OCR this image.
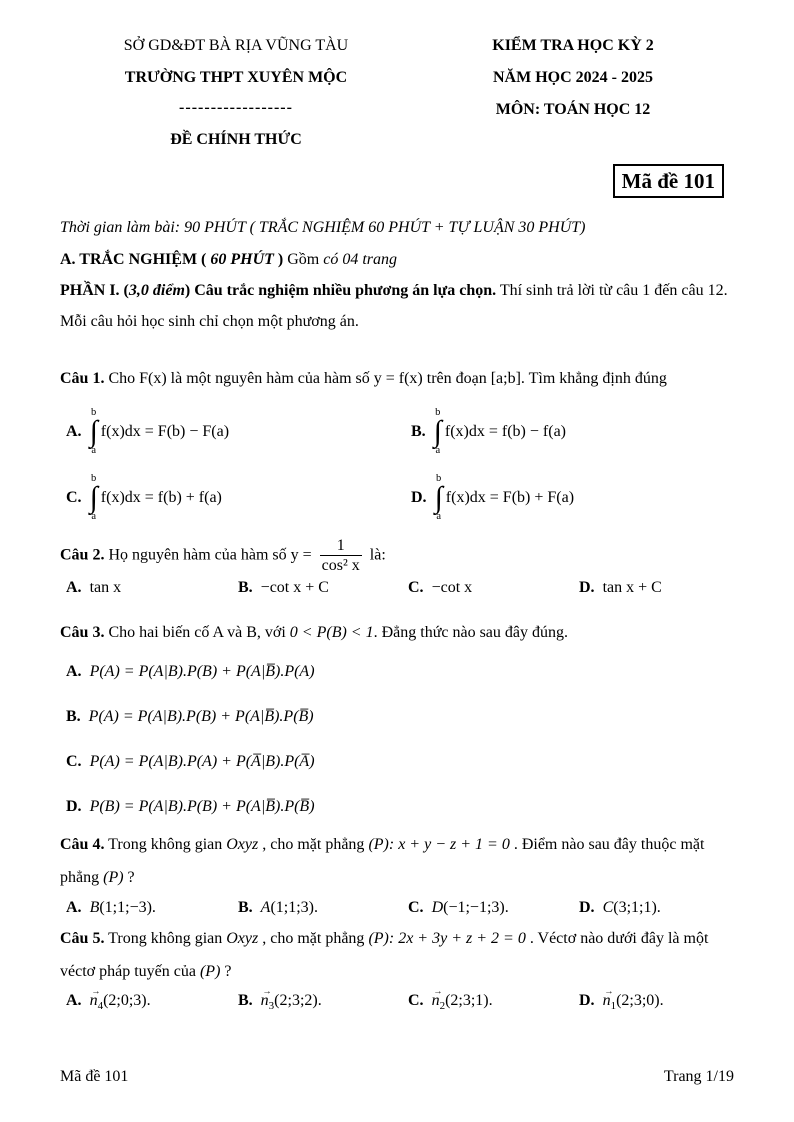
SỞ GD&ĐT BÀ RỊA VŨNG TÀU
TRƯỜNG THPT XUYÊN MỘC
------------------
ĐỀ CHÍNH THỨC
KIỂM TRA HỌC KỲ 2
NĂM HỌC 2024 - 2025
MÔN: TOÁN HỌC 12
Mã đề 101

Thời gian làm bài: 90 PHÚT ( TRẮC NGHIỆM 60 PHÚT + TỰ LUẬN 30 PHÚT)

A. TRẮC NGHIỆM ( 60 PHÚT ) Gồm có 04 trang

PHẦN I. (3,0 điểm) Câu trắc nghiệm nhiều phương án lựa chọn. Thí sinh trả lời từ câu 1 đến câu 12. Mỗi câu hỏi học sinh chỉ chọn một phương án.

Câu 1. Cho F(x) là một nguyên hàm của hàm số y = f(x) trên đoạn [a;b]. Tìm khẳng định đúng

A.
b
∫
a
f(x)dx = F(b) − F(a)	B.
b
∫
a
f(x)dx = f(b) − f(a)
C.
b
∫
a
f(x)dx = f(b) + f(a)	D.
b
∫
a
f(x)dx = F(b) + F(a)

Câu 2. Họ nguyên hàm của hàm số $y = \frac{1}{\text{cos² x}}$ là:

A. tan x	B. −cot x + C	C. −cot x	D. tan x + C

Câu 3. Cho hai biến cố A và B, với 0 < P(B) < 1. Đẳng thức nào sau đây đúng.

A. P(A) = P(A|B).P(B) + P(A|B̅).P(A)
B. P(A) = P(A|B).P(B) + P(A|B̅).P(B̅)
C. P(A) = P(A|B).P(A) + P(A̅|B).P(A̅)
D. P(B) = P(A|B).P(B) + P(A|B̅).P(B̅)

Câu 4. Trong không gian Oxyz , cho mặt phẳng (P): x + y − z + 1 = 0 . Điểm nào sau đây thuộc mặt phẳng (P) ?

A. B(1;1;−3).	B. A(1;1;3).	C. D(−1;−1;3).	D. C(3;1;1).

Câu 5. Trong không gian Oxyz , cho mặt phẳng (P): 2x + 3y + z + 2 = 0 . Véctơ nào dưới đây là một véctơ pháp tuyến của (P) ?

A. $n \to_4(2;0;3)$.	B. $n \to_3(2;3;2)$.	C. $n \to_2(2;3;1)$.	D. $n \to_1(2;3;0)$.
Mã đề 101	Trang 1/19
